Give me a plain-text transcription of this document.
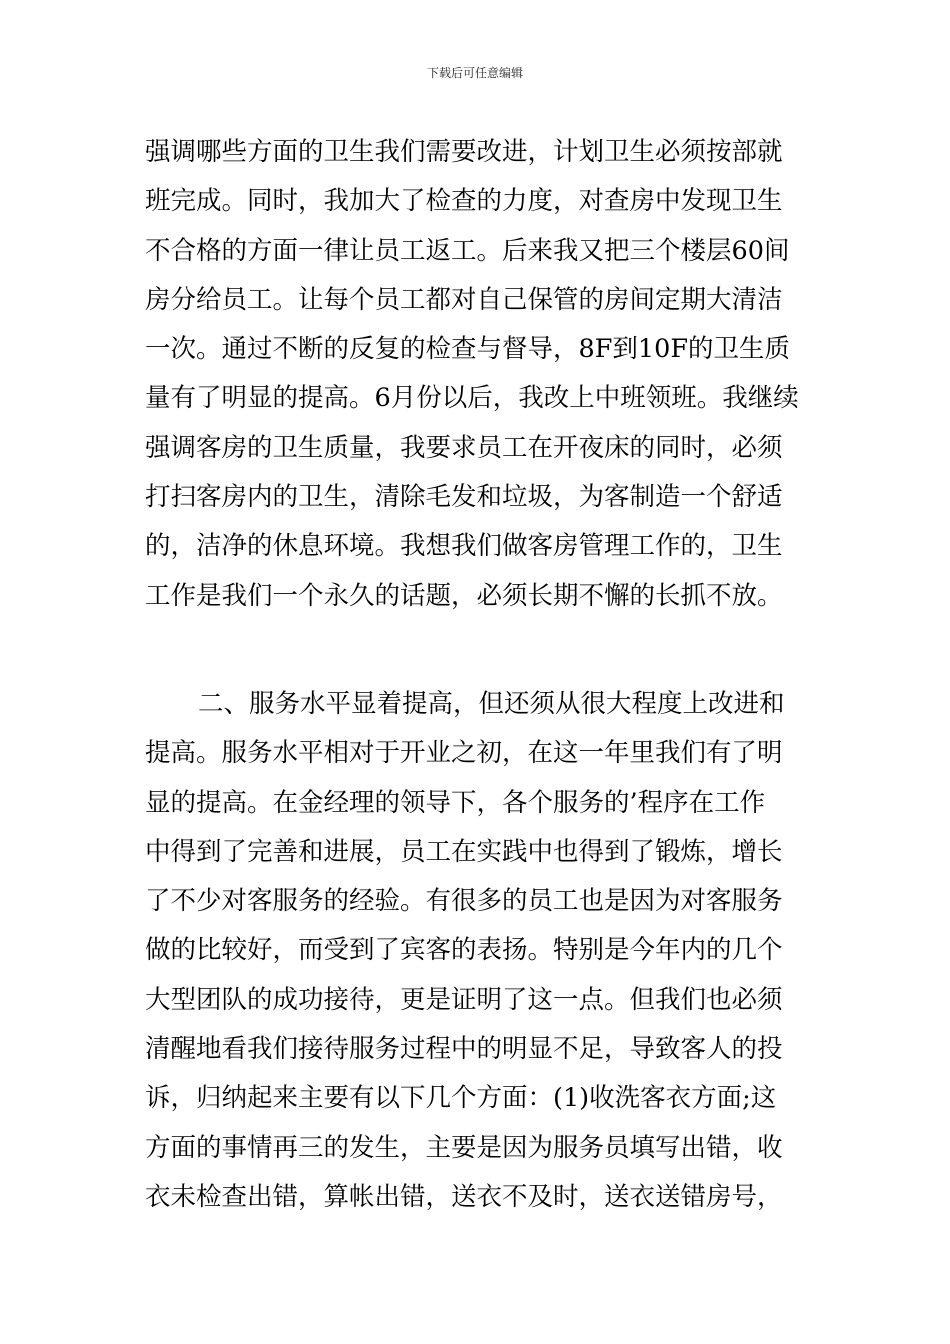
下载后可任意编辑
强调哪些方面的卫生我们需要改进，计划卫生必须按部就
班完成。同时，我加大了检查的力度，对查房中发现卫生
不合格的方面一律让员工返工。后来我又把三个楼层60间
房分给员工。让每个员工都对自己保管的房间定期大清洁
一次。通过不断的反复的检查与督导，8F到10F的卫生质
量有了明显的提高。6月份以后，我改上中班领班。我继续
强调客房的卫生质量，我要求员工在开夜床的同时，必须
打扫客房内的卫生，清除毛发和垃圾，为客制造一个舒适
的，洁净的休息环境。我想我们做客房管理工作的，卫生
工作是我们一个永久的话题，必须长期不懈的长抓不放。
二、服务水平显着提高，但还须从很大程度上改进和
提高。服务水平相对于开业之初，在这一年里我们有了明
显的提高。在金经理的领导下，各个服务的’程序在工作
中得到了完善和进展，员工在实践中也得到了锻炼，增长
了不少对客服务的经验。有很多的员工也是因为对客服务
做的比较好，而受到了宾客的表扬。特别是今年内的几个
大型团队的成功接待，更是证明了这一点。但我们也必须
清醒地看我们接待服务过程中的明显不足，导致客人的投
诉，归纳起来主要有以下几个方面：(1)收洗客衣方面;这
方面的事情再三的发生，主要是因为服务员填写出错，收
衣未检查出错，算帐出错，送衣不及时，送衣送错房号，
